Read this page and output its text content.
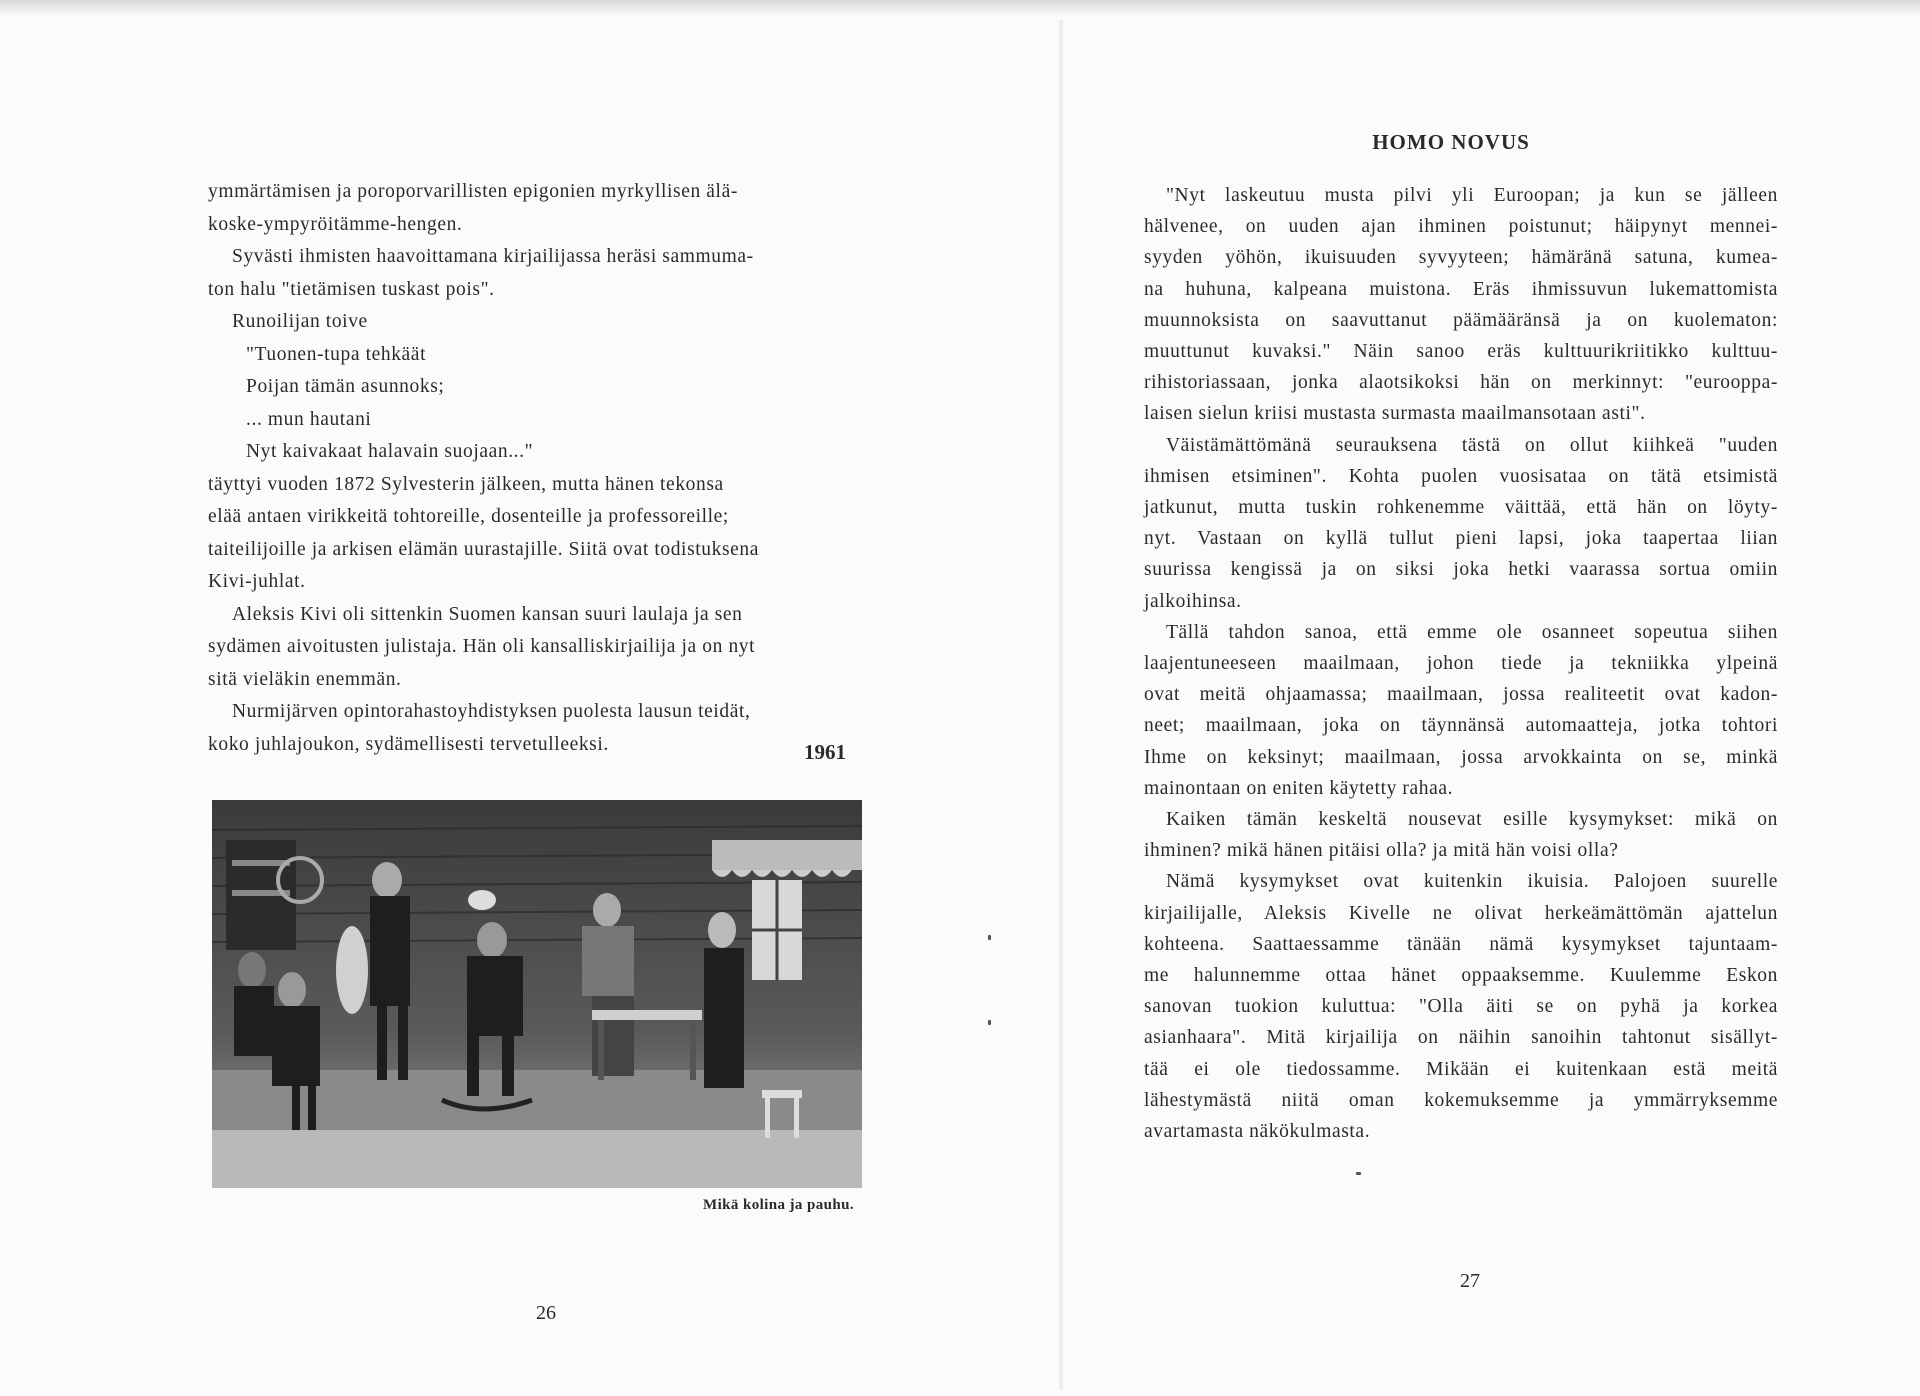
ymmärtämisen ja poroporvarillisten epigonien myrkyllisen älä-

koske-ympyröitämme-hengen.

Syvästi ihmisten haavoittamana kirjailijassa heräsi sammuma-

ton halu "tietämisen tuskast pois".

Runoilijan toive

"Tuonen-tupa tehkäät

Poijan tämän asunnoks;

... mun hautani

Nyt kaivakaat halavain suojaan..."

täyttyi vuoden 1872 Sylvesterin jälkeen, mutta hänen tekonsa

elää antaen virikkeitä tohtoreille, dosenteille ja professoreille;

taiteilijoille ja arkisen elämän uurastajille. Siitä ovat todistuksena

Kivi-juhlat.

Aleksis Kivi oli sittenkin Suomen kansan suuri laulaja ja sen

sydämen aivoitusten julistaja. Hän oli kansalliskirjailija ja on nyt

sitä vieläkin enemmän.

Nurmijärven opintorahastoyhdistyksen puolesta lausun teidät,

koko juhlajoukon, sydämellisesti tervetulleeksi.	1961
Mikä kolina ja pauhu.
26
HOMO NOVUS

"Nyt laskeutuu musta pilvi yli Euroopan; ja kun se jälleen

hälvenee, on uuden ajan ihminen poistunut; häipynyt mennei-
syyden yöhön, ikuisuuden syvyyteen; hämäränä satuna, kumea-
na huhuna, kalpeana muistona. Eräs ihmissuvun lukemattomista
muunnoksista on saavuttanut päämääränsä ja on kuolematon:
muuttunut kuvaksi." Näin sanoo eräs kulttuurikriitikko kulttuu-
rihistoriassaan, jonka alaotsikoksi hän on merkinnyt: "eurooppa-
laisen sielun kriisi mustasta surmasta maailmansotaan asti".

Väistämättömänä seurauksena tästä on ollut kiihkeä "uuden

ihmisen etsiminen". Kohta puolen vuosisataa on tätä etsimistä
jatkunut, mutta tuskin rohkenemme väittää, että hän on löyty-
nyt. Vastaan on kyllä tullut pieni lapsi, joka taapertaa liian
suurissa kengissä ja on siksi joka hetki vaarassa sortua omiin
jalkoihinsa.

Tällä tahdon sanoa, että emme ole osanneet sopeutua siihen

laajentuneeseen maailmaan, johon tiede ja tekniikka ylpeinä
ovat meitä ohjaamassa; maailmaan, jossa realiteetit ovat kadon-
neet; maailmaan, joka on täynnänsä automaatteja, jotka tohtori
Ihme on keksinyt; maailmaan, jossa arvokkainta on se, minkä
mainontaan on eniten käytetty rahaa.

Kaiken tämän keskeltä nousevat esille kysymykset: mikä on

ihminen? mikä hänen pitäisi olla? ja mitä hän voisi olla?

Nämä kysymykset ovat kuitenkin ikuisia. Palojoen suurelle

kirjailijalle, Aleksis Kivelle ne olivat herkeämättömän ajattelun
kohteena. Saattaessamme tänään nämä kysymykset tajuntaam-
me halunnemme ottaa hänet oppaaksemme. Kuulemme Eskon
sanovan tuokion kuluttua: "Olla äiti se on pyhä ja korkea
asianhaara". Mitä kirjailija on näihin sanoihin tahtonut sisällyt-
tää ei ole tiedossamme. Mikään ei kuitenkaan estä meitä
lähestymästä niitä oman kokemuksemme ja ymmärryksemme
avartamasta näkökulmasta.

27
